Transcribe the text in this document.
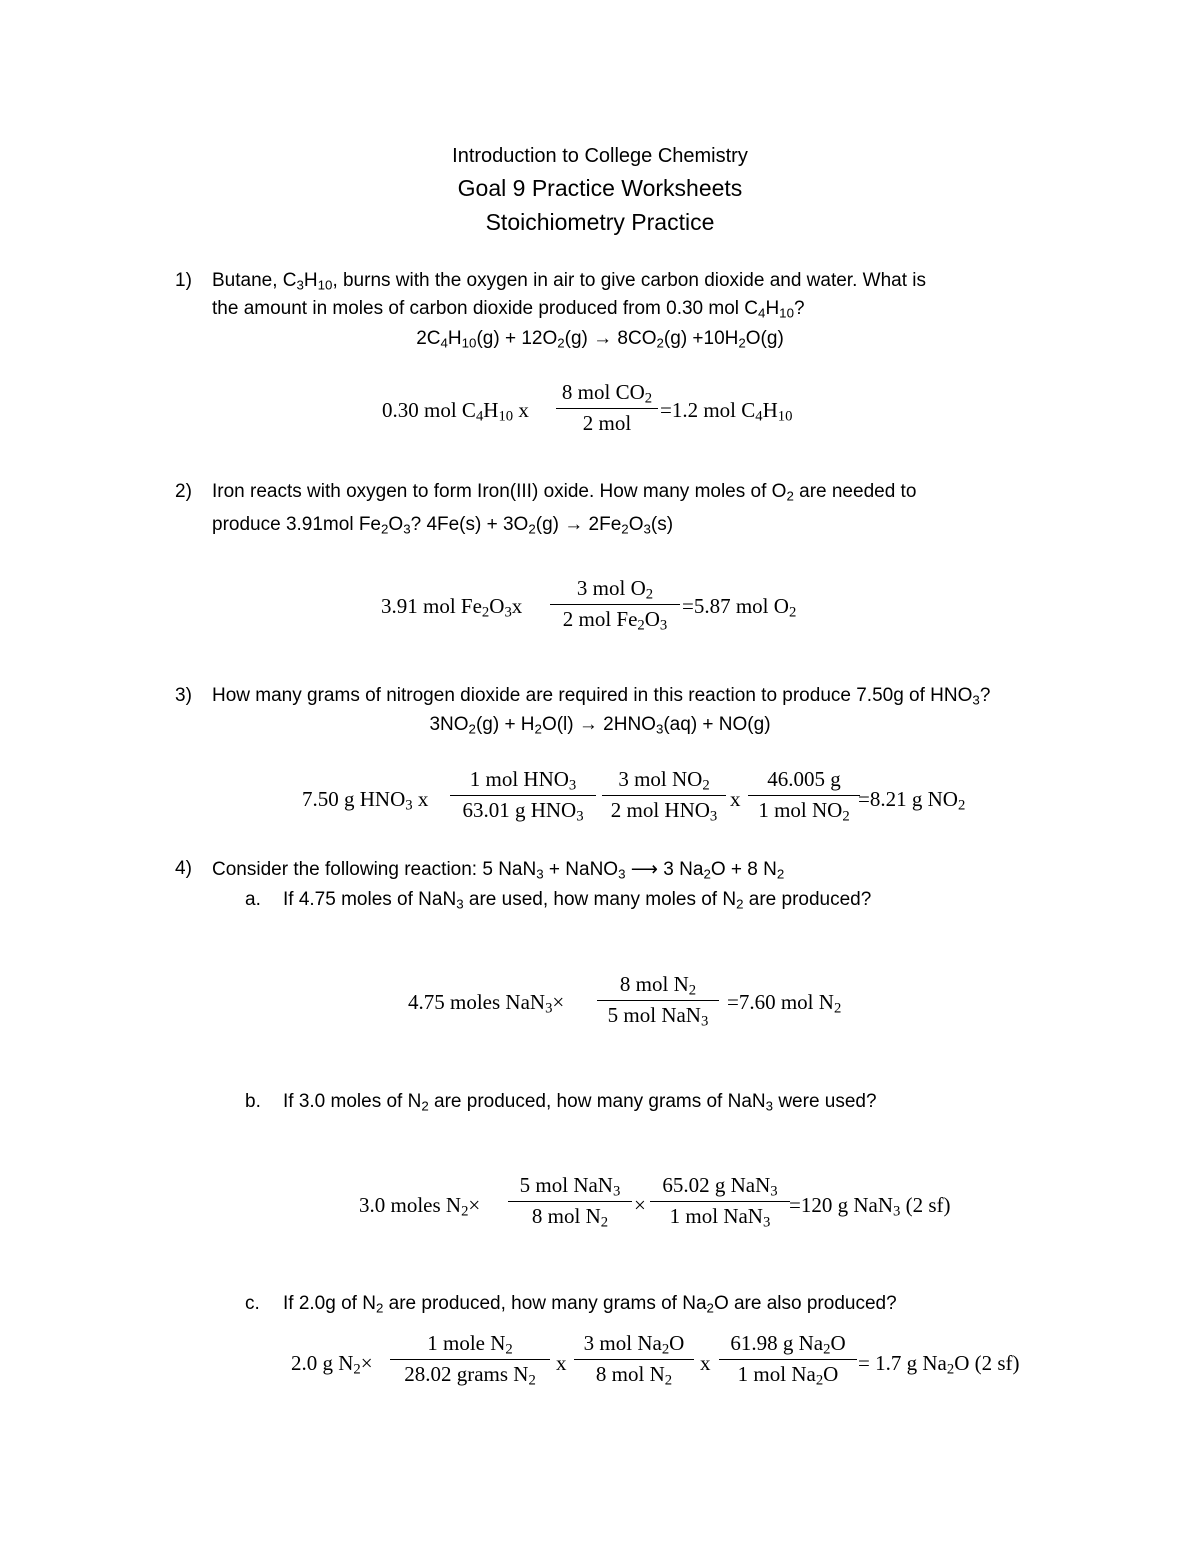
Introduction to College Chemistry
Goal 9 Practice Worksheets
Stoichiometry Practice
1) Butane, $C_3H_{10}$, burns with the oxygen in air to give carbon dioxide and water. What is
the amount in moles of carbon dioxide produced from 0.30 mol $C_4H_{10}$?
$2C_4H_{10}(g) + 12O_2(g) \to 8CO_2(g) +10H_2O(g)$
0.30 mol $C_4H_{10}$ x
8 mol $CO_2$
2 mol
=1.2 mol $C_4H_{10}$
2) Iron reacts with oxygen to form Iron(III) oxide. How many moles of $O_2$ are needed to
produce 3.91mol $Fe_2O_3$? $4Fe(s) + 3O_2(g) \to 2Fe_2O_3(s)$
3.91 mol $Fe_2O_3x$
3 mol $O_2$
2 mol $Fe_2O_3$
=5.87 mol $O_2$
3) How many grams of nitrogen dioxide are required in this reaction to produce 7.50g of $HNO_3$?
$3NO_2(g) + H_2O(l) \to 2HNO_3(aq) + NO(g)$
7.50 g $HNO_3$ x
1 mol $HNO_3$
63.01 g $HNO_3$
3 mol $NO_2$
2 mol $HNO_3$
x
46.005 g
1 mol $NO_2$
=8.21 g $NO_2$
4) Consider the following reaction: 5 NaN$_3$ + NaNO$_3$ ⟶ 3 $Na_2O + 8$ $N_2$
a. If 4.75 moles of NaN$_3$ are used, how many moles of $N_2$ are produced?
4.75 moles NaN$_3$×
8 mol $N_2$
5 mol NaN$_3$
=7.60 mol $N_2$
b. If 3.0 moles of $N_2$ are produced, how many grams of NaN$_3$ were used?
3.0 moles $N_2\times$
5 mol NaN$_3$
8 mol $N_2$
×
65.02 g NaN$_3$
1 mol NaN$_3$
=120 g NaN$_3$ (2 sf)
c. If 2.0g of $N_2$ are produced, how many grams of $Na_2O$ are also produced?
2.0 g $N_2\times$
1 mole $N_2$
28.02 grams $N_2$
x
3 mol $Na_2O$
8 mol $N_2$
x
61.98 g $Na_2O$
1 mol $Na_2O = 1.7$ g $Na_2O$ (2 sf)
